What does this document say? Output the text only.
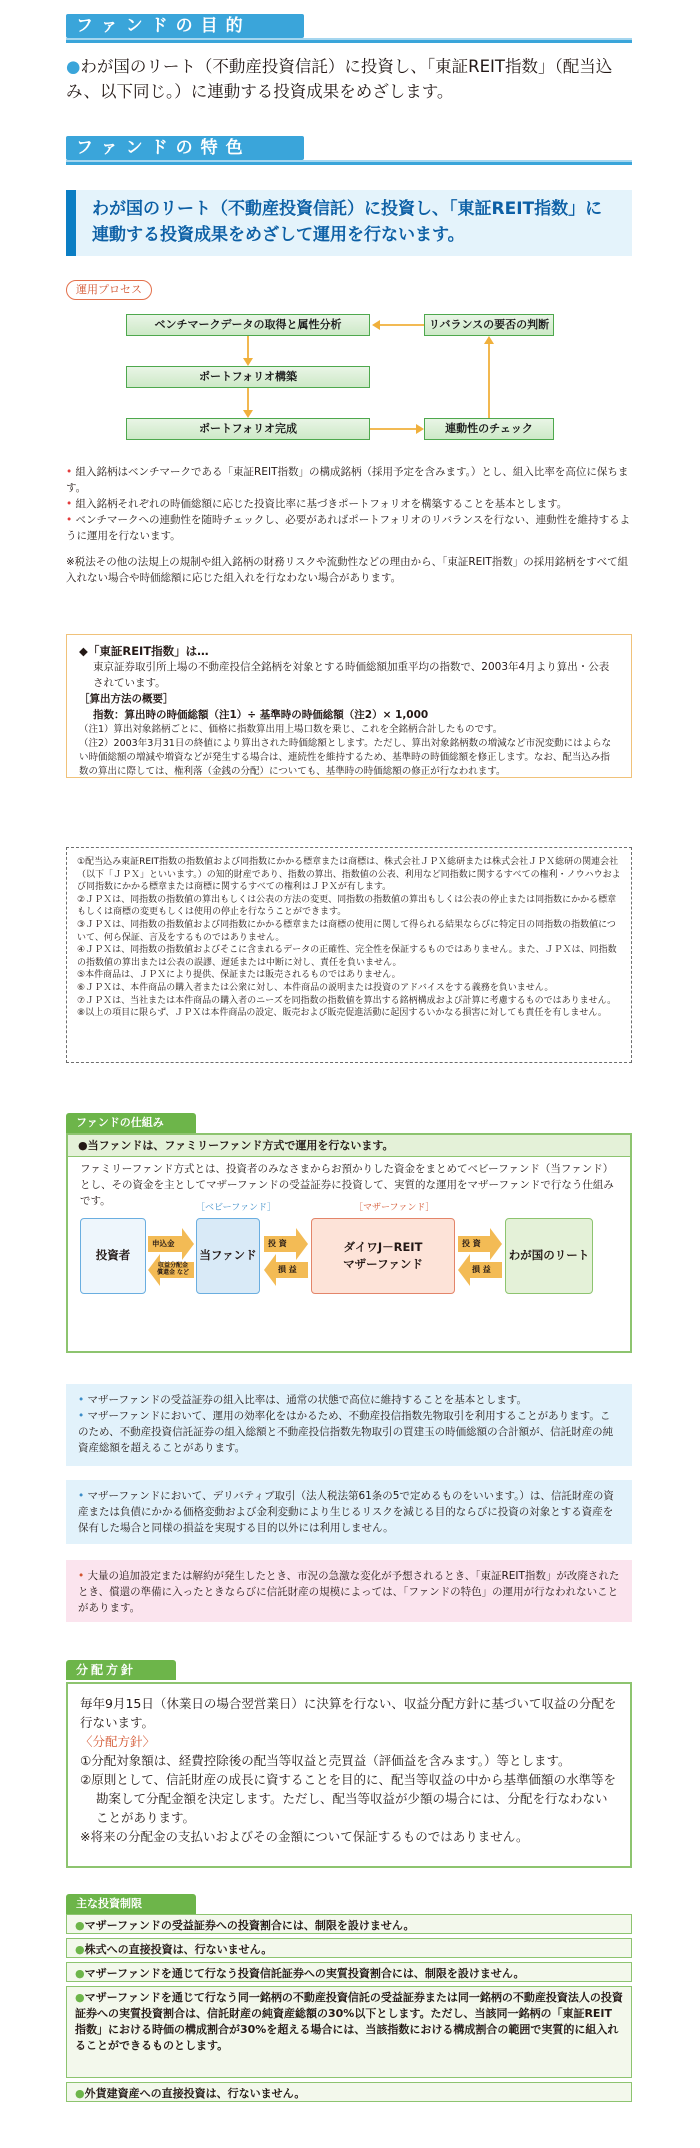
ファンドの目的
●わが国のリート（不動産投資信託）に投資し、「東証REIT指数」（配当込み、以下同じ。）に連動する投資成果をめざします。
ファンドの特色
わが国のリート（不動産投資信託）に投資し、「東証REIT指数」に連動する投資成果をめざして運用を行ないます。
運用プロセス
ベンチマークデータの取得と属性分析	リバランスの要否の判断
ポートフォリオ構築
ポートフォリオ完成	連動性のチェック
• 組入銘柄はベンチマークである「東証REIT指数」の構成銘柄（採用予定を含みます。）とし、組入比率を高位に保ちます。
• 組入銘柄それぞれの時価総額に応じた投資比率に基づきポートフォリオを構築することを基本とします。
• ベンチマークへの連動性を随時チェックし、必要があればポートフォリオのリバランスを行ない、連動性を維持するように運用を行ないます。
※税法その他の法規上の規制や組入銘柄の財務リスクや流動性などの理由から、「東証REIT指数」の採用銘柄をすべて組入れない場合や時価総額に応じた組入れを行なわない場合があります。
◆「東証REIT指数」は…
東京証券取引所上場の不動産投信全銘柄を対象とする時価総額加重平均の指数で、2003年4月より算出・公表されています。
［算出方法の概要］
指数：算出時の時価総額（注1）÷ 基準時の時価総額（注2）× 1,000
（注1）算出対象銘柄ごとに、価格に指数算出用上場口数を乗じ、これを全銘柄合計したものです。
（注2）2003年3月31日の終値により算出された時価総額とします。ただし、算出対象銘柄数の増減など市況変動にはよらない時価総額の増減や増資などが発生する場合は、連続性を維持するため、基準時の時価総額を修正します。なお、配当込み指数の算出に際しては、権利落（金銭の分配）についても、基準時の時価総額の修正が行なわれます。
①配当込み東証REIT指数の指数値および同指数にかかる標章または商標は、株式会社ＪＰＸ総研または株式会社ＪＰＸ総研の関連会社（以下「ＪＰＸ」といいます。）の知的財産であり、指数の算出、指数値の公表、利用など同指数に関するすべての権利・ノウハウおよび同指数にかかる標章または商標に関するすべての権利はＪＰＸが有します。
②ＪＰＸは、同指数の指数値の算出もしくは公表の方法の変更、同指数の指数値の算出もしくは公表の停止または同指数にかかる標章もしくは商標の変更もしくは使用の停止を行なうことができます。
③ＪＰＸは、同指数の指数値および同指数にかかる標章または商標の使用に関して得られる結果ならびに特定日の同指数の指数値について、何ら保証、言及をするものではありません。
④ＪＰＸは、同指数の指数値およびそこに含まれるデータの正確性、完全性を保証するものではありません。また、ＪＰＸは、同指数の指数値の算出または公表の誤謬、遅延または中断に対し、責任を負いません。
⑤本件商品は、ＪＰＸにより提供、保証または販売されるものではありません。
⑥ＪＰＸは、本件商品の購入者または公衆に対し、本件商品の説明または投資のアドバイスをする義務を負いません。
⑦ＪＰＸは、当社または本件商品の購入者のニーズを同指数の指数値を算出する銘柄構成および計算に考慮するものではありません。
⑧以上の項目に限らず、ＪＰＸは本件商品の設定、販売および販売促進活動に起因するいかなる損害に対しても責任を有しません。
ファンドの仕組み
●当ファンドは、ファミリーファンド方式で運用を行ないます。
ファミリーファンド方式とは、投資者のみなさまからお預かりした資金をまとめてベビーファンド（当ファンド）とし、その資金を主としてマザーファンドの受益証券に投資して、実質的な運用をマザーファンドで行なう仕組みです。
［ベビーファンド］	［マザーファンド］
投資者	当ファンド
ダイワJ－REIT
マザーファンド
わが国のリート
申込金
収益分配金 償還金 など
投 資
損 益
投 資
損 益
• マザーファンドの受益証券の組入比率は、通常の状態で高位に維持することを基本とします。
• マザーファンドにおいて、運用の効率化をはかるため、不動産投信指数先物取引を利用することがあります。このため、不動産投資信託証券の組入総額と不動産投信指数先物取引の買建玉の時価総額の合計額が、信託財産の純資産総額を超えることがあります。
• マザーファンドにおいて、デリバティブ取引（法人税法第61条の5で定めるものをいいます。）は、信託財産の資産または負債にかかる価格変動および金利変動により生じるリスクを減じる目的ならびに投資の対象とする資産を保有した場合と同様の損益を実現する目的以外には利用しません。
• 大量の追加設定または解約が発生したとき、市況の急激な変化が予想されるとき、「東証REIT指数」が改廃されたとき、償還の準備に入ったときならびに信託財産の規模によっては、「ファンドの特色」の運用が行なわれないことがあります。
分配方針
毎年9月15日（休業日の場合翌営業日）に決算を行ない、収益分配方針に基づいて収益の分配を行ないます。
〈分配方針〉
①分配対象額は、経費控除後の配当等収益と売買益（評価益を含みます。）等とします。
②原則として、信託財産の成長に資することを目的に、配当等収益の中から基準価額の水準等を勘案して分配金額を決定します。ただし、配当等収益が少額の場合には、分配を行なわないことがあります。
※将来の分配金の支払いおよびその金額について保証するものではありません。
主な投資制限
●マザーファンドの受益証券への投資割合には、制限を設けません。
●株式への直接投資は、行ないません。
●マザーファンドを通じて行なう投資信託証券への実質投資割合には、制限を設けません。
●マザーファンドを通じて行なう同一銘柄の不動産投資信託の受益証券または同一銘柄の不動産投資法人の投資証券への実質投資割合は、信託財産の純資産総額の30%以下とします。ただし、当該同一銘柄の「東証REIT指数」における時価の構成割合が30%を超える場合には、当該指数における構成割合の範囲で実質的に組入れることができるものとします。
●外貨建資産への直接投資は、行ないません。
